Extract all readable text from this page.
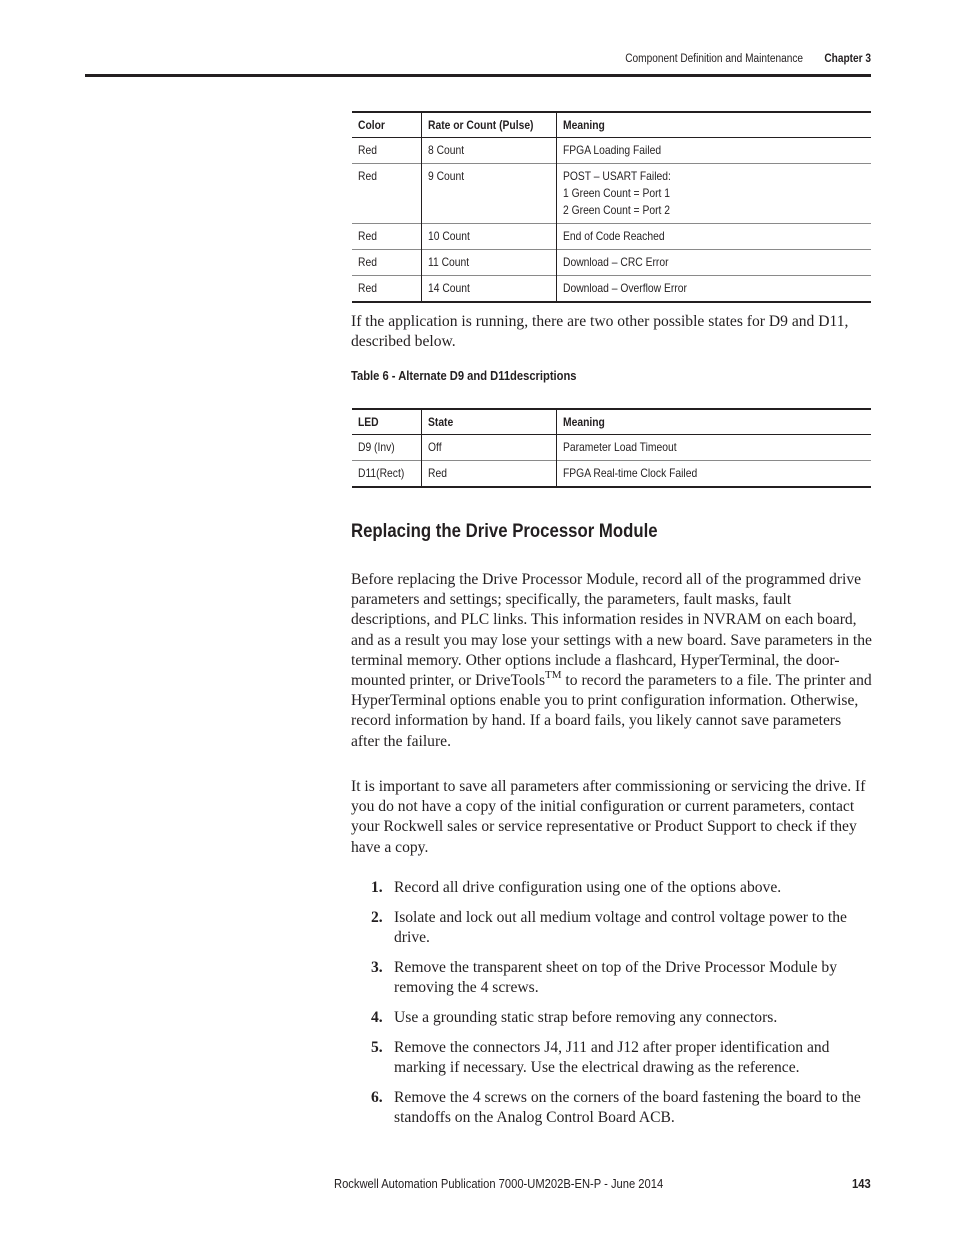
Component Definition and Maintenance Chapter 3
Color	Rate or Count (Pulse)	Meaning
Red	8 Count	FPGA Loading Failed
Red	9 Count	POST – USART Failed:
1 Green Count = Port 1
2 Green Count = Port 2
Red	10 Count	End of Code Reached
Red	11 Count	Download – CRC Error
Red	14 Count	Download – Overflow Error

If the application is running, there are two other possible states for D9 and D11, described below.

Table 6 - Alternate D9 and D11descriptions
LED	State	Meaning
D9 (Inv)	Off	Parameter Load Timeout
D11(Rect)	Red	FPGA Real-time Clock Failed
Replacing the Drive Processor Module

Before replacing the Drive Processor Module, record all of the programmed drive parameters and settings; specifically, the parameters, fault masks, fault descriptions, and PLC links. This information resides in NVRAM on each board, and as a result you may lose your settings with a new board. Save parameters in the terminal memory. Other options include a flashcard, HyperTerminal, the door-mounted printer, or DriveTools™ to record the parameters to a file. The printer and HyperTerminal options enable you to print configuration information. Otherwise, record information by hand. If a board fails, you likely cannot save parameters after the failure.

It is important to save all parameters after commissioning or servicing the drive. If you do not have a copy of the initial configuration or current parameters, contact your Rockwell sales or service representative or Product Support to check if they have a copy.

1. Record all drive configuration using one of the options above.
2. Isolate and lock out all medium voltage and control voltage power to the drive.
3. Remove the transparent sheet on top of the Drive Processor Module by removing the 4 screws.
4. Use a grounding static strap before removing any connectors.
5. Remove the connectors J4, J11 and J12 after proper identification and marking if necessary. Use the electrical drawing as the reference.
6. Remove the 4 screws on the corners of the board fastening the board to the standoffs on the Analog Control Board ACB.
Rockwell Automation Publication 7000-UM202B-EN-P - June 2014	143
